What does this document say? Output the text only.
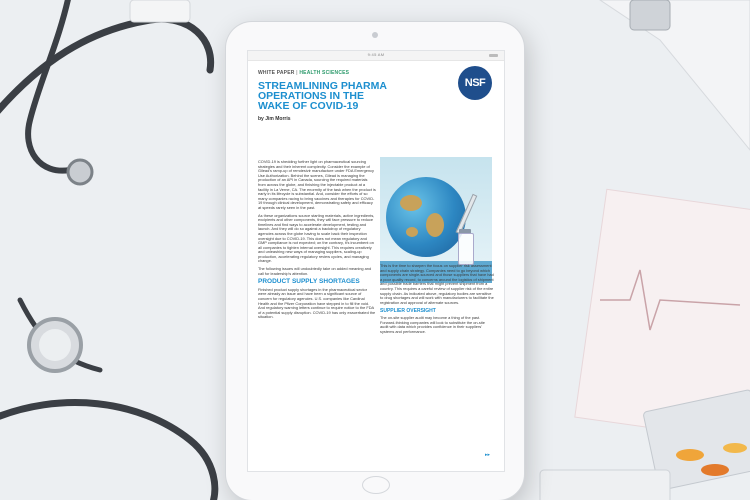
9:45 AM
WHITE PAPER | HEALTH SCIENCES
NSF
STREAMLINING PHARMA
OPERATIONS IN THE
WAKE OF COVID-19
by Jim Morris

COVID-19 is shedding further light on pharmaceutical sourcing strategies and their inherent complexity. Consider the example of Gilead's ramp-up of remdesivir manufacture under FDA Emergency Use Authorization. Behind the scenes, Gilead is managing the production of an API in Canada, sourcing the required materials from across the globe, and finishing the injectable product at a facility in La Verne, CA. The enormity of the task when the product is early in its lifecycle is substantial. And, consider the efforts of so many companies racing to bring vaccines and therapies for COVID-19 through clinical development, demonstrating safety and efficacy at speeds rarely seen in the past.

As these organizations source starting materials, active ingredients, excipients and other components, they will face pressure to reduce timelines and find ways to accelerate development, testing and launch. And they will do so against a backdrop of regulatory agencies across the globe having to scale back their inspection oversight due to COVID-19. This does not mean regulatory and GMP compliance is not expected; on the contrary, it's incumbent on all companies to tighten internal oversight. This requires creatively and unleashing new ways of managing suppliers, scaling-up production, accelerating regulatory review cycles, and managing change.

The following issues will undoubtedly take on added meaning and call for leadership's attention.

PRODUCT SUPPLY SHORTAGES

Finished product supply shortages in the pharmaceutical sector were already an issue and have been a significant source of concern for regulatory agencies. U.S. companies like Cardinal Health and the Pfizer Corporation have stepped in to fill the void. And regulatory warning letters continue to require notice to the FDA of a potential supply disruption. COVID-19 has only exacerbated the situation.

This is the time to sharpen the focus on supplier risk assessment and supply chain strategy. Companies need to go beyond which components are single-sourced and those suppliers that have had a poor quality record, to concerns around the logistics of shipment and possible trade barriers that might prevent shipment from a country. This requires a careful review of supplier risk of the entire supply chain. As indicated above, regulatory bodies are sensitive to drug shortages and will work with manufacturers to facilitate the registration and approval of alternate sources.

SUPPLIER OVERSIGHT

The on-site supplier audit may become a thing of the past. Forward-thinking companies will look to substitute the on-site audit with data which provides confidence in their suppliers' systems and performance.

▸▸
